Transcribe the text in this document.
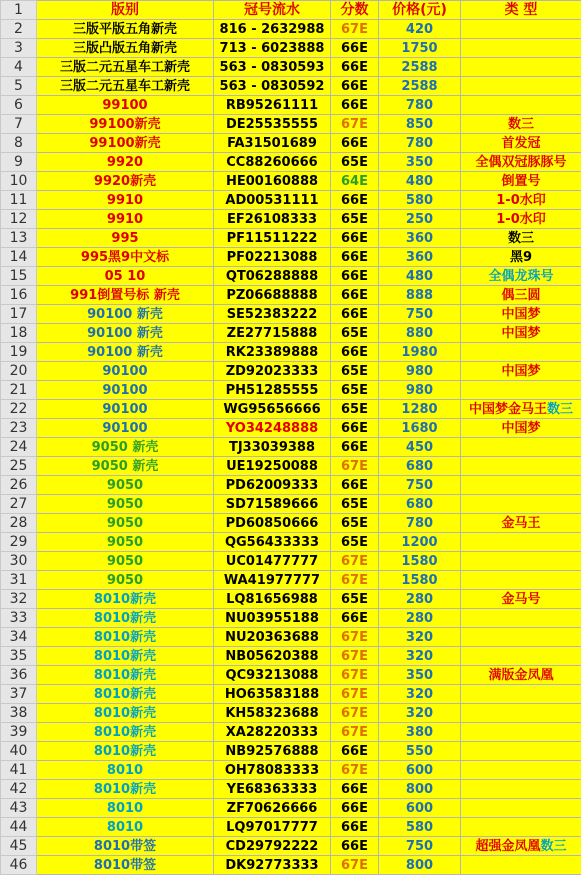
1	版别	冠号流水	分数	价格(元)	类 型
2	三版平版五角新壳	816 - 2632988	67E	420	
3	三版凸版五角新壳	713 - 6023888	66E	1750	
4	三版二元五星车工新壳	563 - 0830593	66E	2588	
5	三版二元五星车工新壳	563 - 0830592	66E	2588	
6	99100	RB95261111	66E	780	
7	99100新壳	DE25535555	67E	850	数三
8	99100新壳	FA31501689	66E	780	首发冠
9	9920	CC88260666	65E	350	全偶双冠豚豚号
10	9920新壳	HE00160888	64E	480	倒置号
11	9910	AD00531111	66E	580	1-0水印
12	9910	EF26108333	65E	250	1-0水印
13	995	PF11511222	66E	360	数三
14	995黑9中文标	PF02213088	66E	360	黑9
15	05 10	QT06288888	66E	480	全偶龙珠号
16	991倒置号标 新壳	PZ06688888	66E	888	偶三圆
17	90100 新壳	SE52383222	66E	750	中国梦
18	90100 新壳	ZE27715888	65E	880	中国梦
19	90100 新壳	RK23389888	66E	1980	
20	90100	ZD92023333	65E	980	中国梦
21	90100	PH51285555	65E	980	
22	90100	WG95656666	65E	1280	中国梦金马王数三
23	90100	YO34248888	66E	1680	中国梦
24	9050 新壳	TJ33039388	66E	450	
25	9050 新壳	UE19250088	67E	680	
26	9050	PD62009333	66E	750	
27	9050	SD71589666	65E	680	
28	9050	PD60850666	65E	780	金马王
29	9050	QG56433333	65E	1200	
30	9050	UC01477777	67E	1580	
31	9050	WA41977777	67E	1580	
32	8010新壳	LQ81656988	65E	280	金马号
33	8010新壳	NU03955188	66E	280	
34	8010新壳	NU20363688	67E	320	
35	8010新壳	NB05620388	67E	320	
36	8010新壳	QC93213088	67E	350	满版金凤凰
37	8010新壳	HO63583188	67E	320	
38	8010新壳	KH58323688	67E	320	
39	8010新壳	XA28220333	67E	380	
40	8010新壳	NB92576888	66E	550	
41	8010	OH78083333	67E	600	
42	8010新壳	YE68363333	66E	800	
43	8010	ZF70626666	66E	600	
44	8010	LQ97017777	66E	580	
45	8010带签	CD29792222	66E	750	超强金凤凰数三
46	8010带签	DK92773333	67E	800	
